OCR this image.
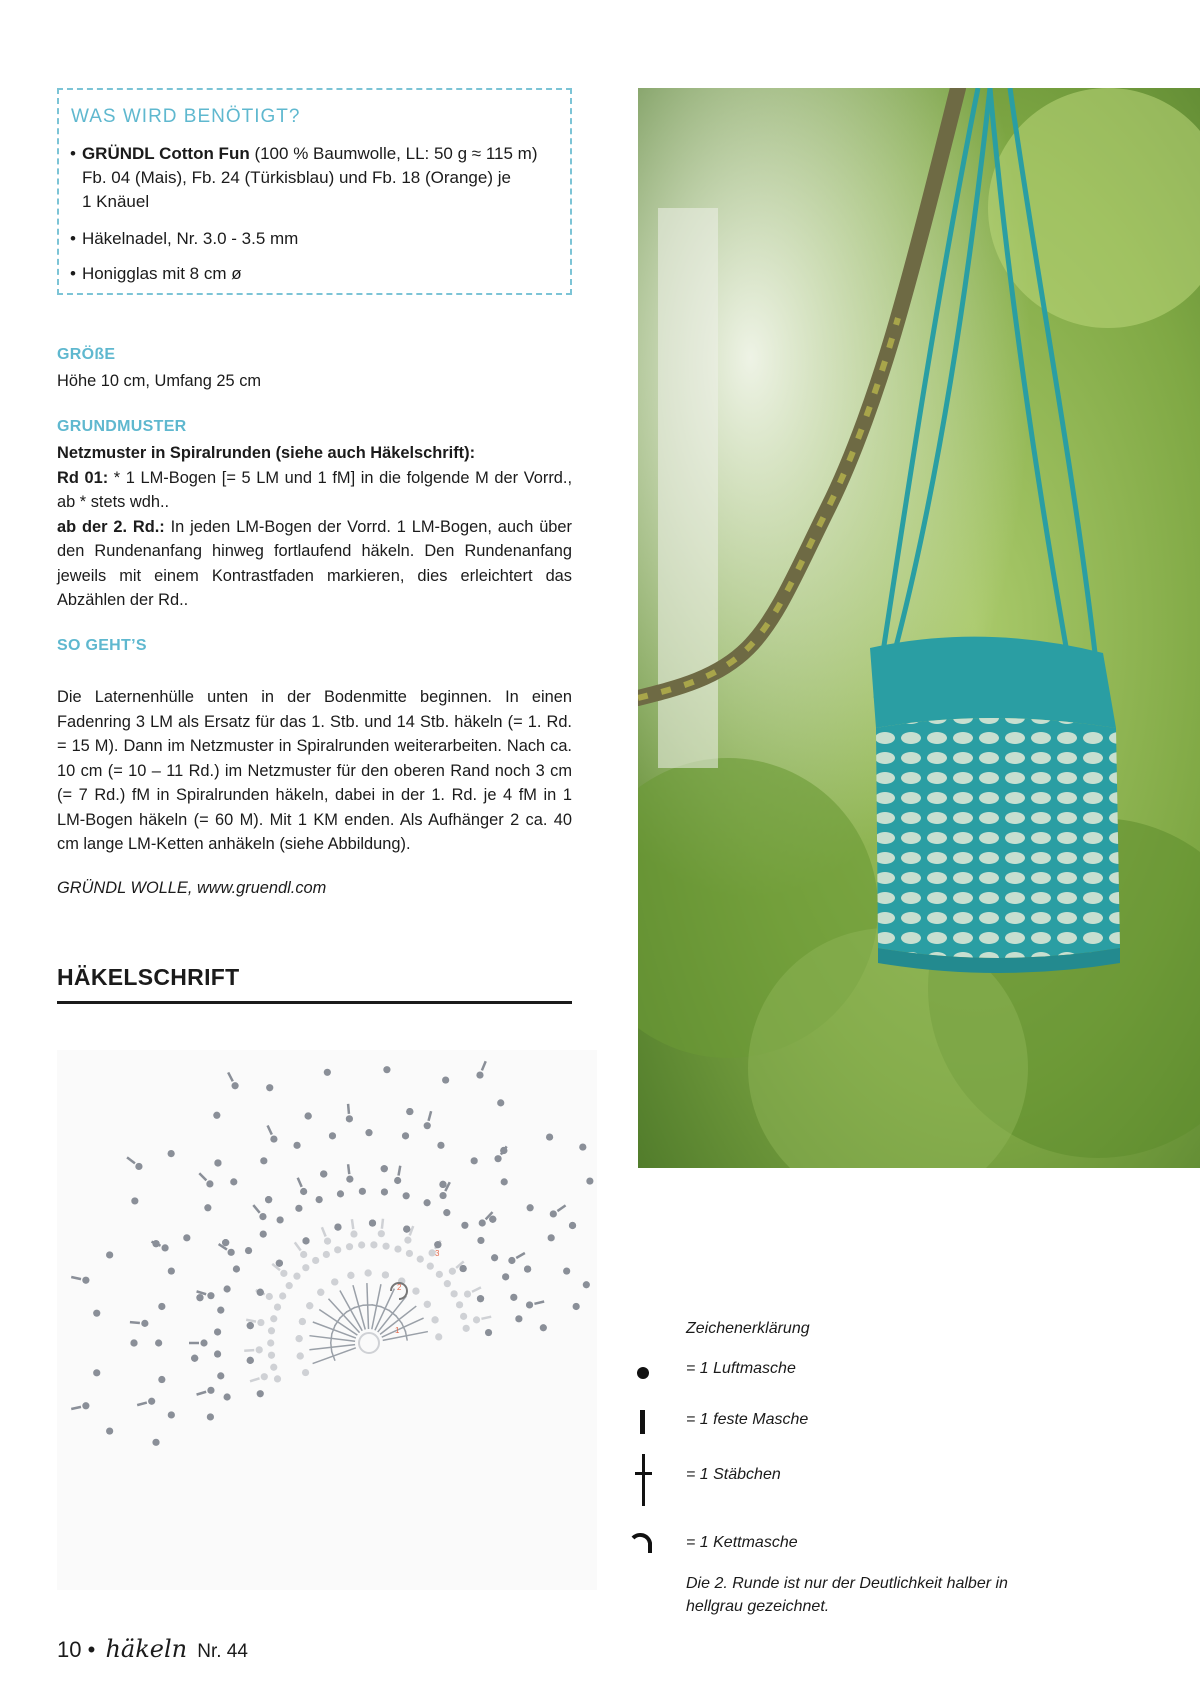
WAS WIRD BENÖTIGT?
• GRÜNDL Cotton Fun (100 % Baumwolle, LL: 50 g ≈ 115 m)
Fb. 04 (Mais), Fb. 24 (Türkisblau) und Fb. 18 (Orange) je
1 Knäuel
• Häkelnadel, Nr. 3.0 - 3.5 mm
• Honigglas mit 8 cm ø
GRÖßE
Höhe 10 cm, Umfang 25 cm
GRUNDMUSTER
Netzmuster in Spiralrunden (siehe auch Häkelschrift):
Rd 01: * 1 LM-Bogen [= 5 LM und 1 fM] in die folgende M der Vorrd., ab * stets wdh..
ab der 2. Rd.: In jeden LM-Bogen der Vorrd. 1 LM-Bogen, auch über den Rundenanfang hinweg fortlaufend häkeln. Den Rundenanfang jeweils mit einem Kontrastfaden markieren, dies erleichtert das Abzählen der Rd..
SO GEHT’S
Die Laternenhülle unten in der Bodenmitte beginnen. In einen Fadenring 3 LM als Ersatz für das 1. Stb. und 14 Stb. häkeln (= 1. Rd. = 15 M). Dann im Netzmuster in Spiralrunden weiterarbeiten. Nach ca. 10 cm (= 10 – 11 Rd.) im Netzmuster für den oberen Rand noch 3 cm (= 7 Rd.) fM in Spiralrunden häkeln, dabei in der 1. Rd. je 4 fM in 1 LM-Bogen häkeln (= 60 M). Mit 1 KM enden. Als Aufhänger 2 ca. 40 cm lange LM-Ketten anhäkeln (siehe Abbildung).
GRÜNDL WOLLE, www.gruendl.com
HÄKELSCHRIFT
1
2
3
Zeichenerklärung
= 1 Luftmasche
= 1 feste Masche
= 1 Stäbchen
= 1 Kettmasche
Die 2. Runde ist nur der Deutlichkeit halber in hellgrau gezeichnet.
10 • häkeln Nr. 44
